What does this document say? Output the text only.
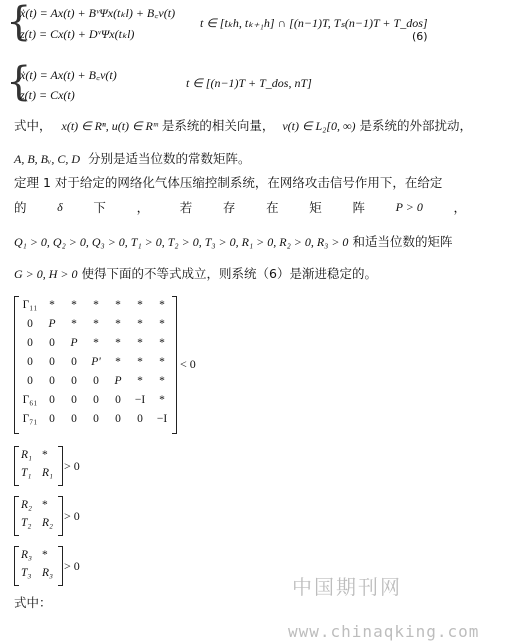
{
ẋ(t) = Ax(t) + BᵛΨx(tₖl) + B꜀v(t)
z(t) = Cx(t) + DᵛΨx(tₖl)
t ∈ [tₖh, tₖ₊₁h] ∩ [(n−1)T, Tₛ(n−1)T + T_dos]
(6)
{
ẋ(t) = Ax(t) + B꜀v(t)
z(t) = Cx(t)
t ∈ [(n−1)T + T_dos, nT]
式中， x(t) ∈ Rⁿ, u(t) ∈ Rᵐ 是系统的相关向量， v(t) ∈ L₂[0, ∞) 是系统的外部扰动，
A, B, Bᵥ, C, D 分别是适当位数的常数矩阵。
定理 1 对于给定的网络化气体压缩控制系统，在网络攻击信号作用下，在给定
的	δ 下 ， 若 存 在 矩 阵	P > 0 ，
Q₁ > 0, Q₂ > 0, Q₃ > 0, T₁ > 0, T₂ > 0, T₃ > 0, R₁ > 0, R₂ > 0, R₃ > 0 和适当位数的矩阵
G > 0, H > 0 使得下面的不等式成立，则系统（6）是渐进稳定的。
Γ₁₁	*	*	*	*	*	*
0	P	*	*	*	*	*
0	0	P	*	*	*	*
0	0	0	P'	*	*	*
0	0	0	0	P	*	*
Γ₆₁	0	0	0	0	−I	*
Γ₇₁	0	0	0	0	0	−I
< 0
R₁ *
T₁ R₁ > 0
R₂ *
T₂ R₂ > 0
R₃ *
T₃ R₃ > 0
式中：
中国期刊网
www.chinaqking.com
